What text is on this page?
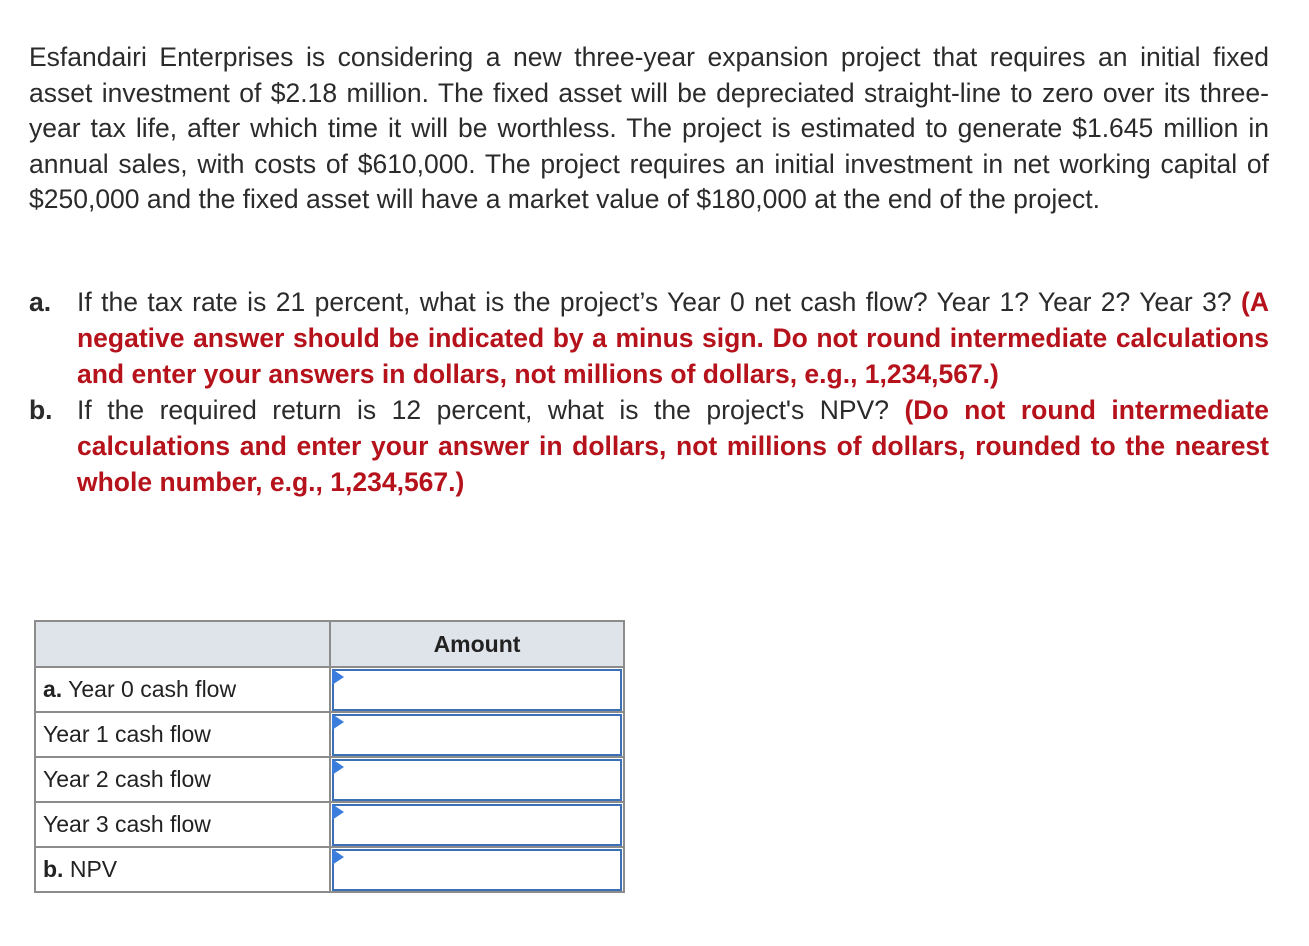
Esfandairi Enterprises is considering a new three-year expansion project that requires an initial fixed asset investment of $2.18 million. The fixed asset will be depreciated straight-line to zero over its three-year tax life, after which time it will be worthless. The project is estimated to generate $1.645 million in annual sales, with costs of $610,000. The project requires an initial investment in net working capital of $250,000 and the fixed asset will have a market value of $180,000 at the end of the project.

a. If the tax rate is 21 percent, what is the project’s Year 0 net cash flow? Year 1? Year 2? Year 3? (A negative answer should be indicated by a minus sign. Do not round intermediate calculations and enter your answers in dollars, not millions of dollars, e.g., 1,234,567.)
b. If the required return is 12 percent, what is the project's NPV? (Do not round intermediate calculations and enter your answer in dollars, not millions of dollars, rounded to the nearest whole number, e.g., 1,234,567.)
	Amount
a. Year 0 cash flow	

Year 1 cash flow	

Year 2 cash flow	

Year 3 cash flow	

b. NPV	
